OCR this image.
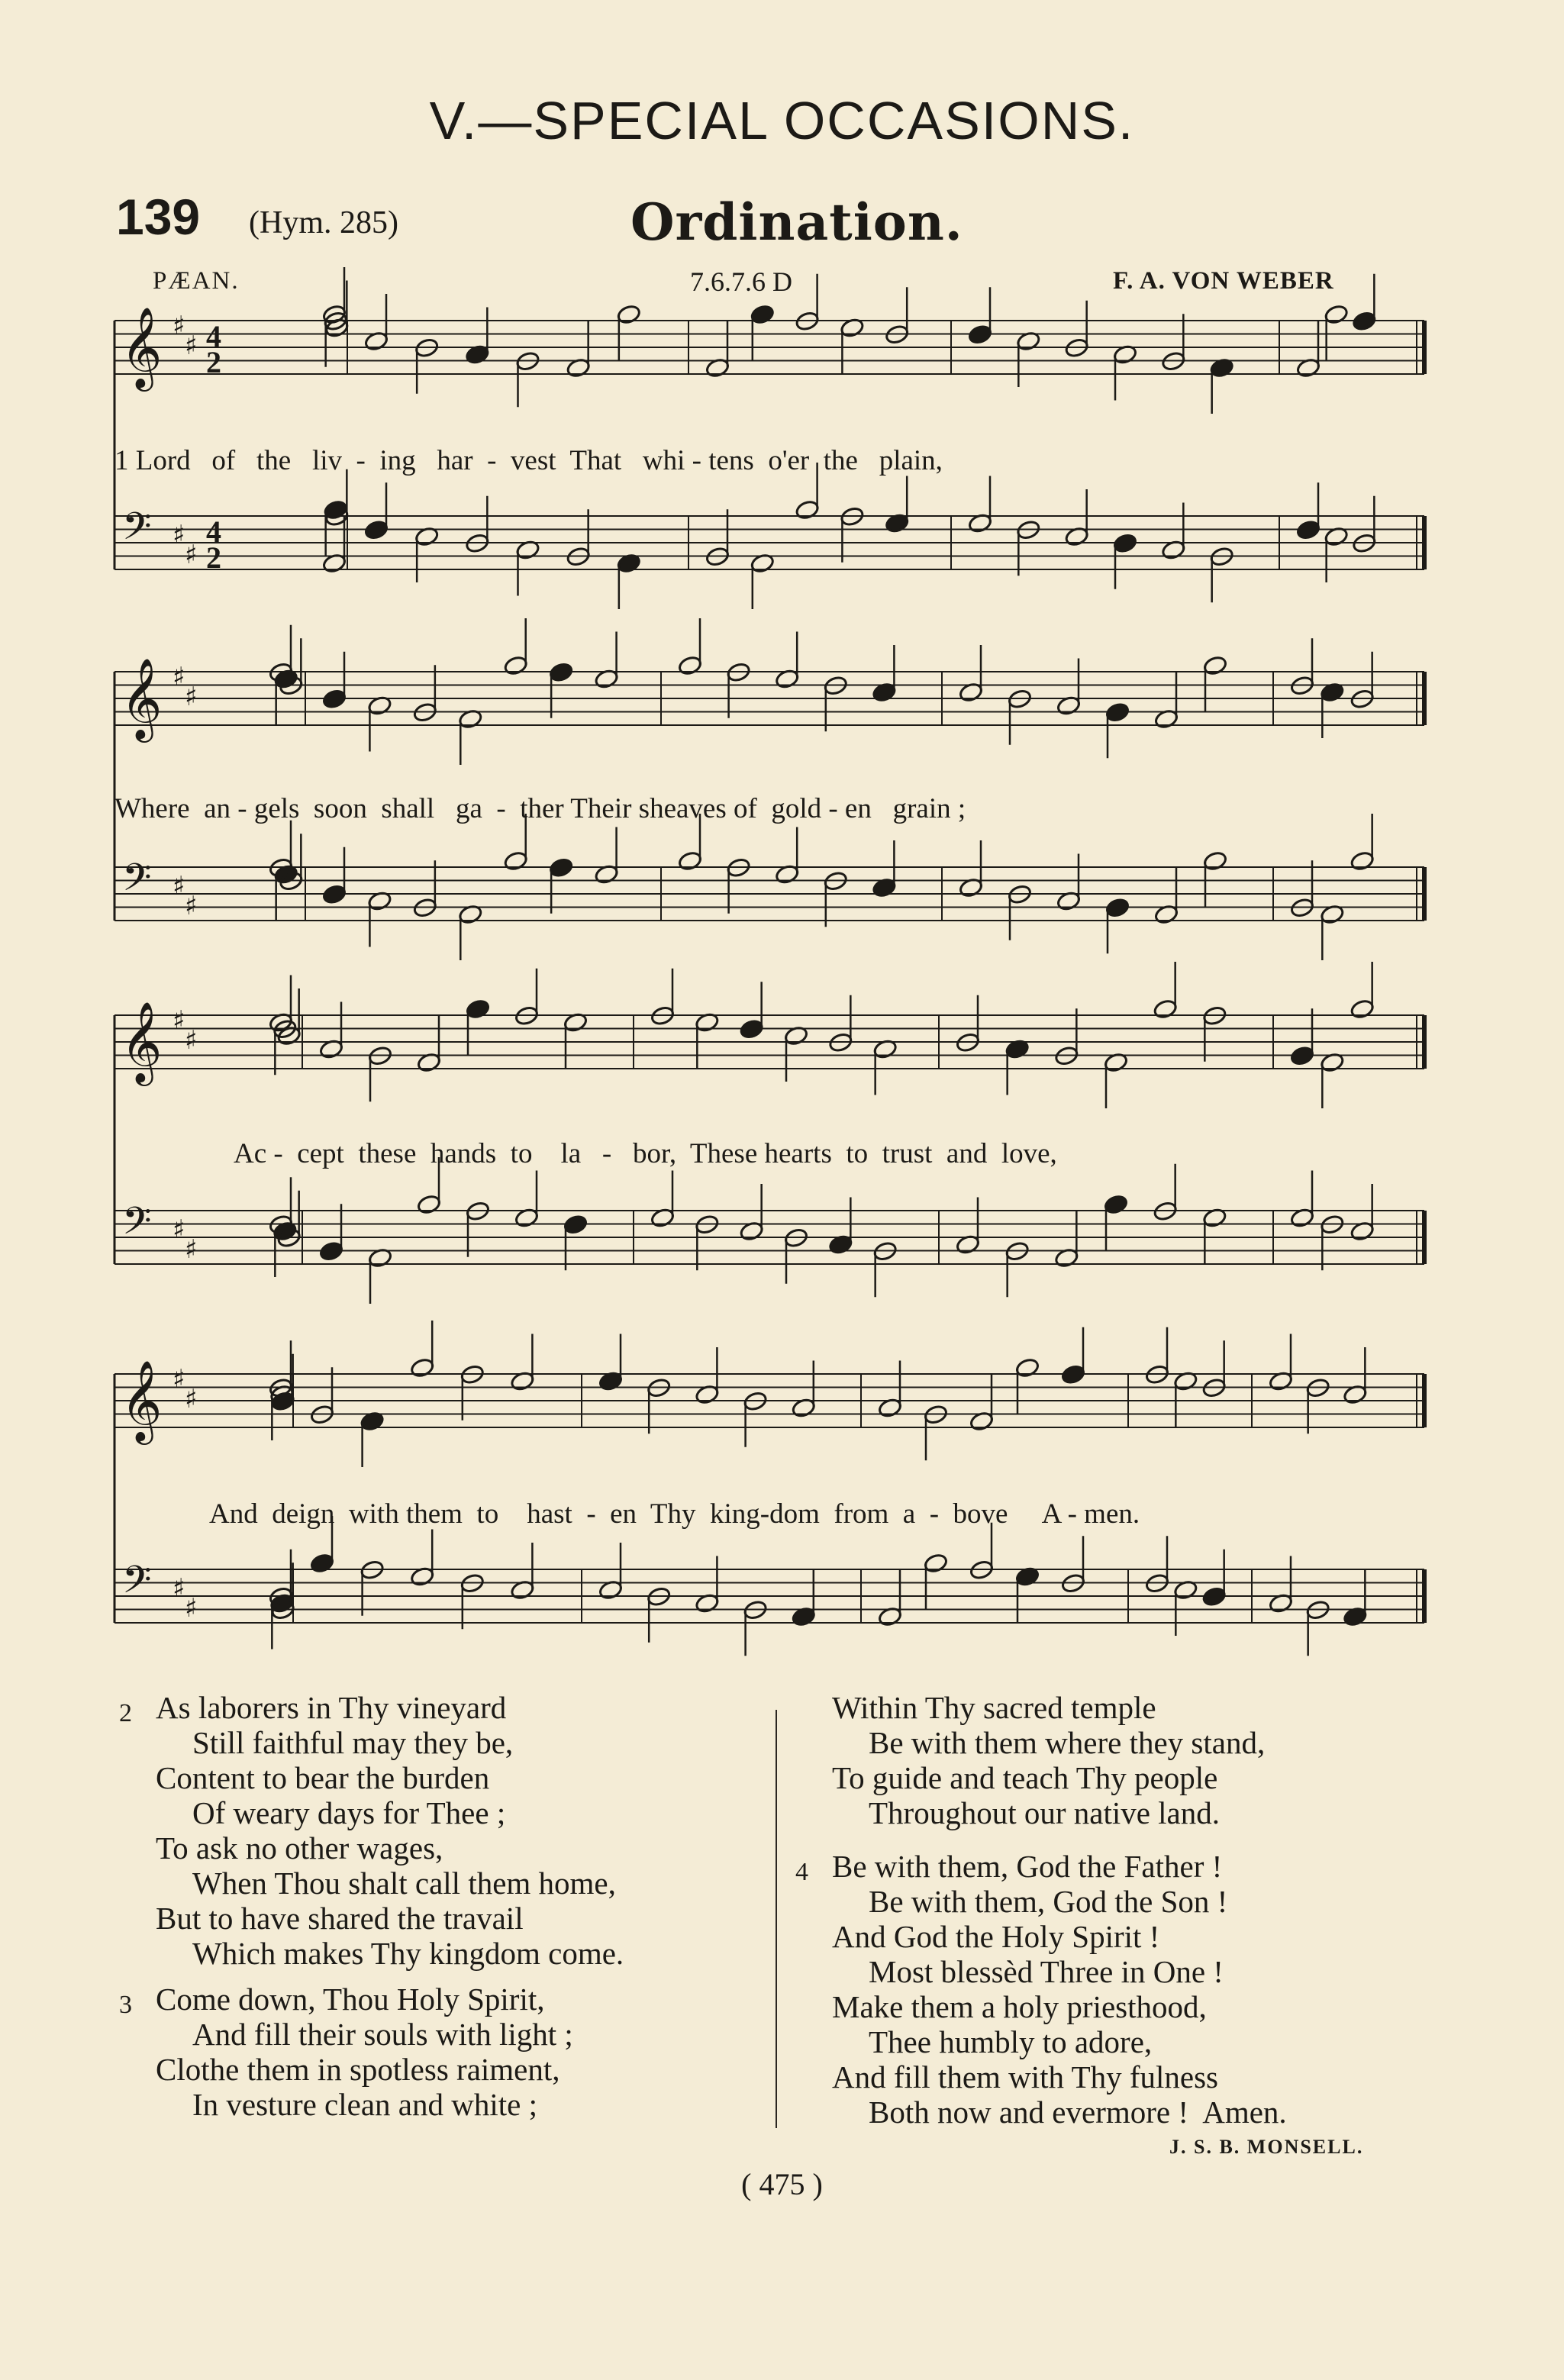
V.—SPECIAL OCCASIONS.
139 (Hym. 285)	Ordination.
PÆAN.	7.6.7.6 D	F. A. VON WEBER
𝄞
𝄢
♯
♯
♯
♯
4
2
4
2
𝄞
𝄢
♯
♯
♯
♯
𝄞
𝄢
♯
♯
♯
♯
𝄞
𝄢
♯
♯
♯
♯
1 Lord   of   the   liv  -  ing   har  -  vest  That   whi - tens  o'er  the   plain,
Where  an - gels  soon  shall   ga  -  ther Their sheaves of  gold - en   grain ;
Ac -  cept  these  hands  to    la   -   bor,  These hearts  to  trust  and  love,
And  deign  with them  to    hast  -  en  Thy  king-dom  from  a  -  bove     A - men.
2 As laborers in Thy vineyard
Still faithful may they be,
Content to bear the burden
Of weary days for Thee ;
To ask no other wages,
When Thou shalt call them home,
But to have shared the travail
Which makes Thy kingdom come.
3 Come down, Thou Holy Spirit,
And fill their souls with light ;
Clothe them in spotless raiment,
In vesture clean and white ;
Within Thy sacred temple
Be with them where they stand,
To guide and teach Thy people
Throughout our native land.
4 Be with them, God the Father !
Be with them, God the Son !
And God the Holy Spirit !
Most blessèd Three in One !
Make them a holy priesthood,
Thee humbly to adore,
And fill them with Thy fulness
Both now and evermore !  Amen.
J. S. B. MONSELL.
( 475 )
